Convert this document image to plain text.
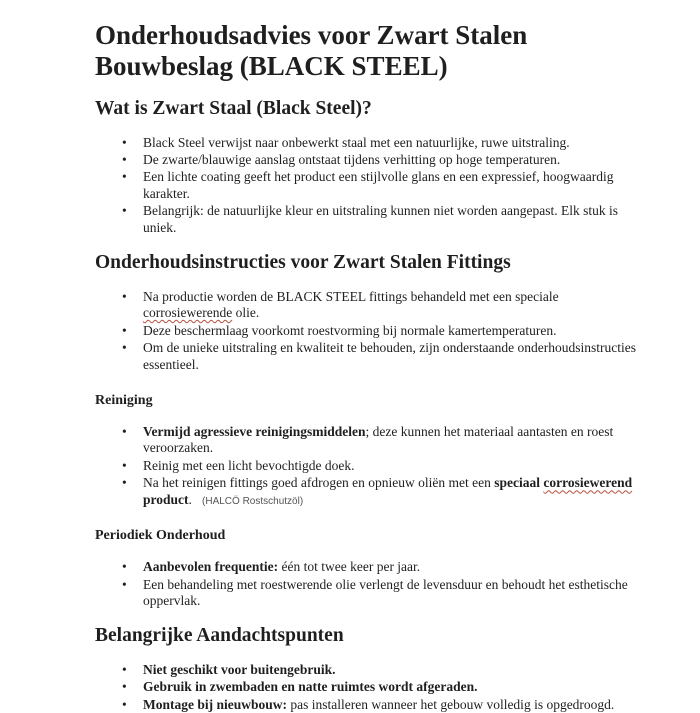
Onderhoudsadvies voor Zwart Stalen Bouwbeslag (BLACK STEEL)
Wat is Zwart Staal (Black Steel)?
• Black Steel verwijst naar onbewerkt staal met een natuurlijke, ruwe uitstraling.
• De zwarte/blauwige aanslag ontstaat tijdens verhitting op hoge temperaturen.
• Een lichte coating geeft het product een stijlvolle glans en een expressief, hoogwaardig karakter.
• Belangrijk: de natuurlijke kleur en uitstraling kunnen niet worden aangepast. Elk stuk is uniek.
Onderhoudsinstructies voor Zwart Stalen Fittings
• Na productie worden de BLACK STEEL fittings behandeld met een speciale corrosiewerende olie.
• Deze beschermlaag voorkomt roestvorming bij normale kamertemperaturen.
• Om de unieke uitstraling en kwaliteit te behouden, zijn onderstaande onderhoudsinstructies essentieel.
Reiniging
• Vermijd agressieve reinigingsmiddelen; deze kunnen het materiaal aantasten en roest veroorzaken.
• Reinig met een licht bevochtigde doek.
• Na het reinigen fittings goed afdrogen en opnieuw oliën met een speciaal corrosiewerend product.  (HALCÖ Rostschutzöl)
Periodiek Onderhoud
• Aanbevolen frequentie: één tot twee keer per jaar.
• Een behandeling met roestwerende olie verlengt de levensduur en behoudt het esthetische oppervlak.
Belangrijke Aandachtspunten
• Niet geschikt voor buitengebruik.
• Gebruik in zwembaden en natte ruimtes wordt afgeraden.
• Montage bij nieuwbouw: pas installeren wanneer het gebouw volledig is opgedroogd.
